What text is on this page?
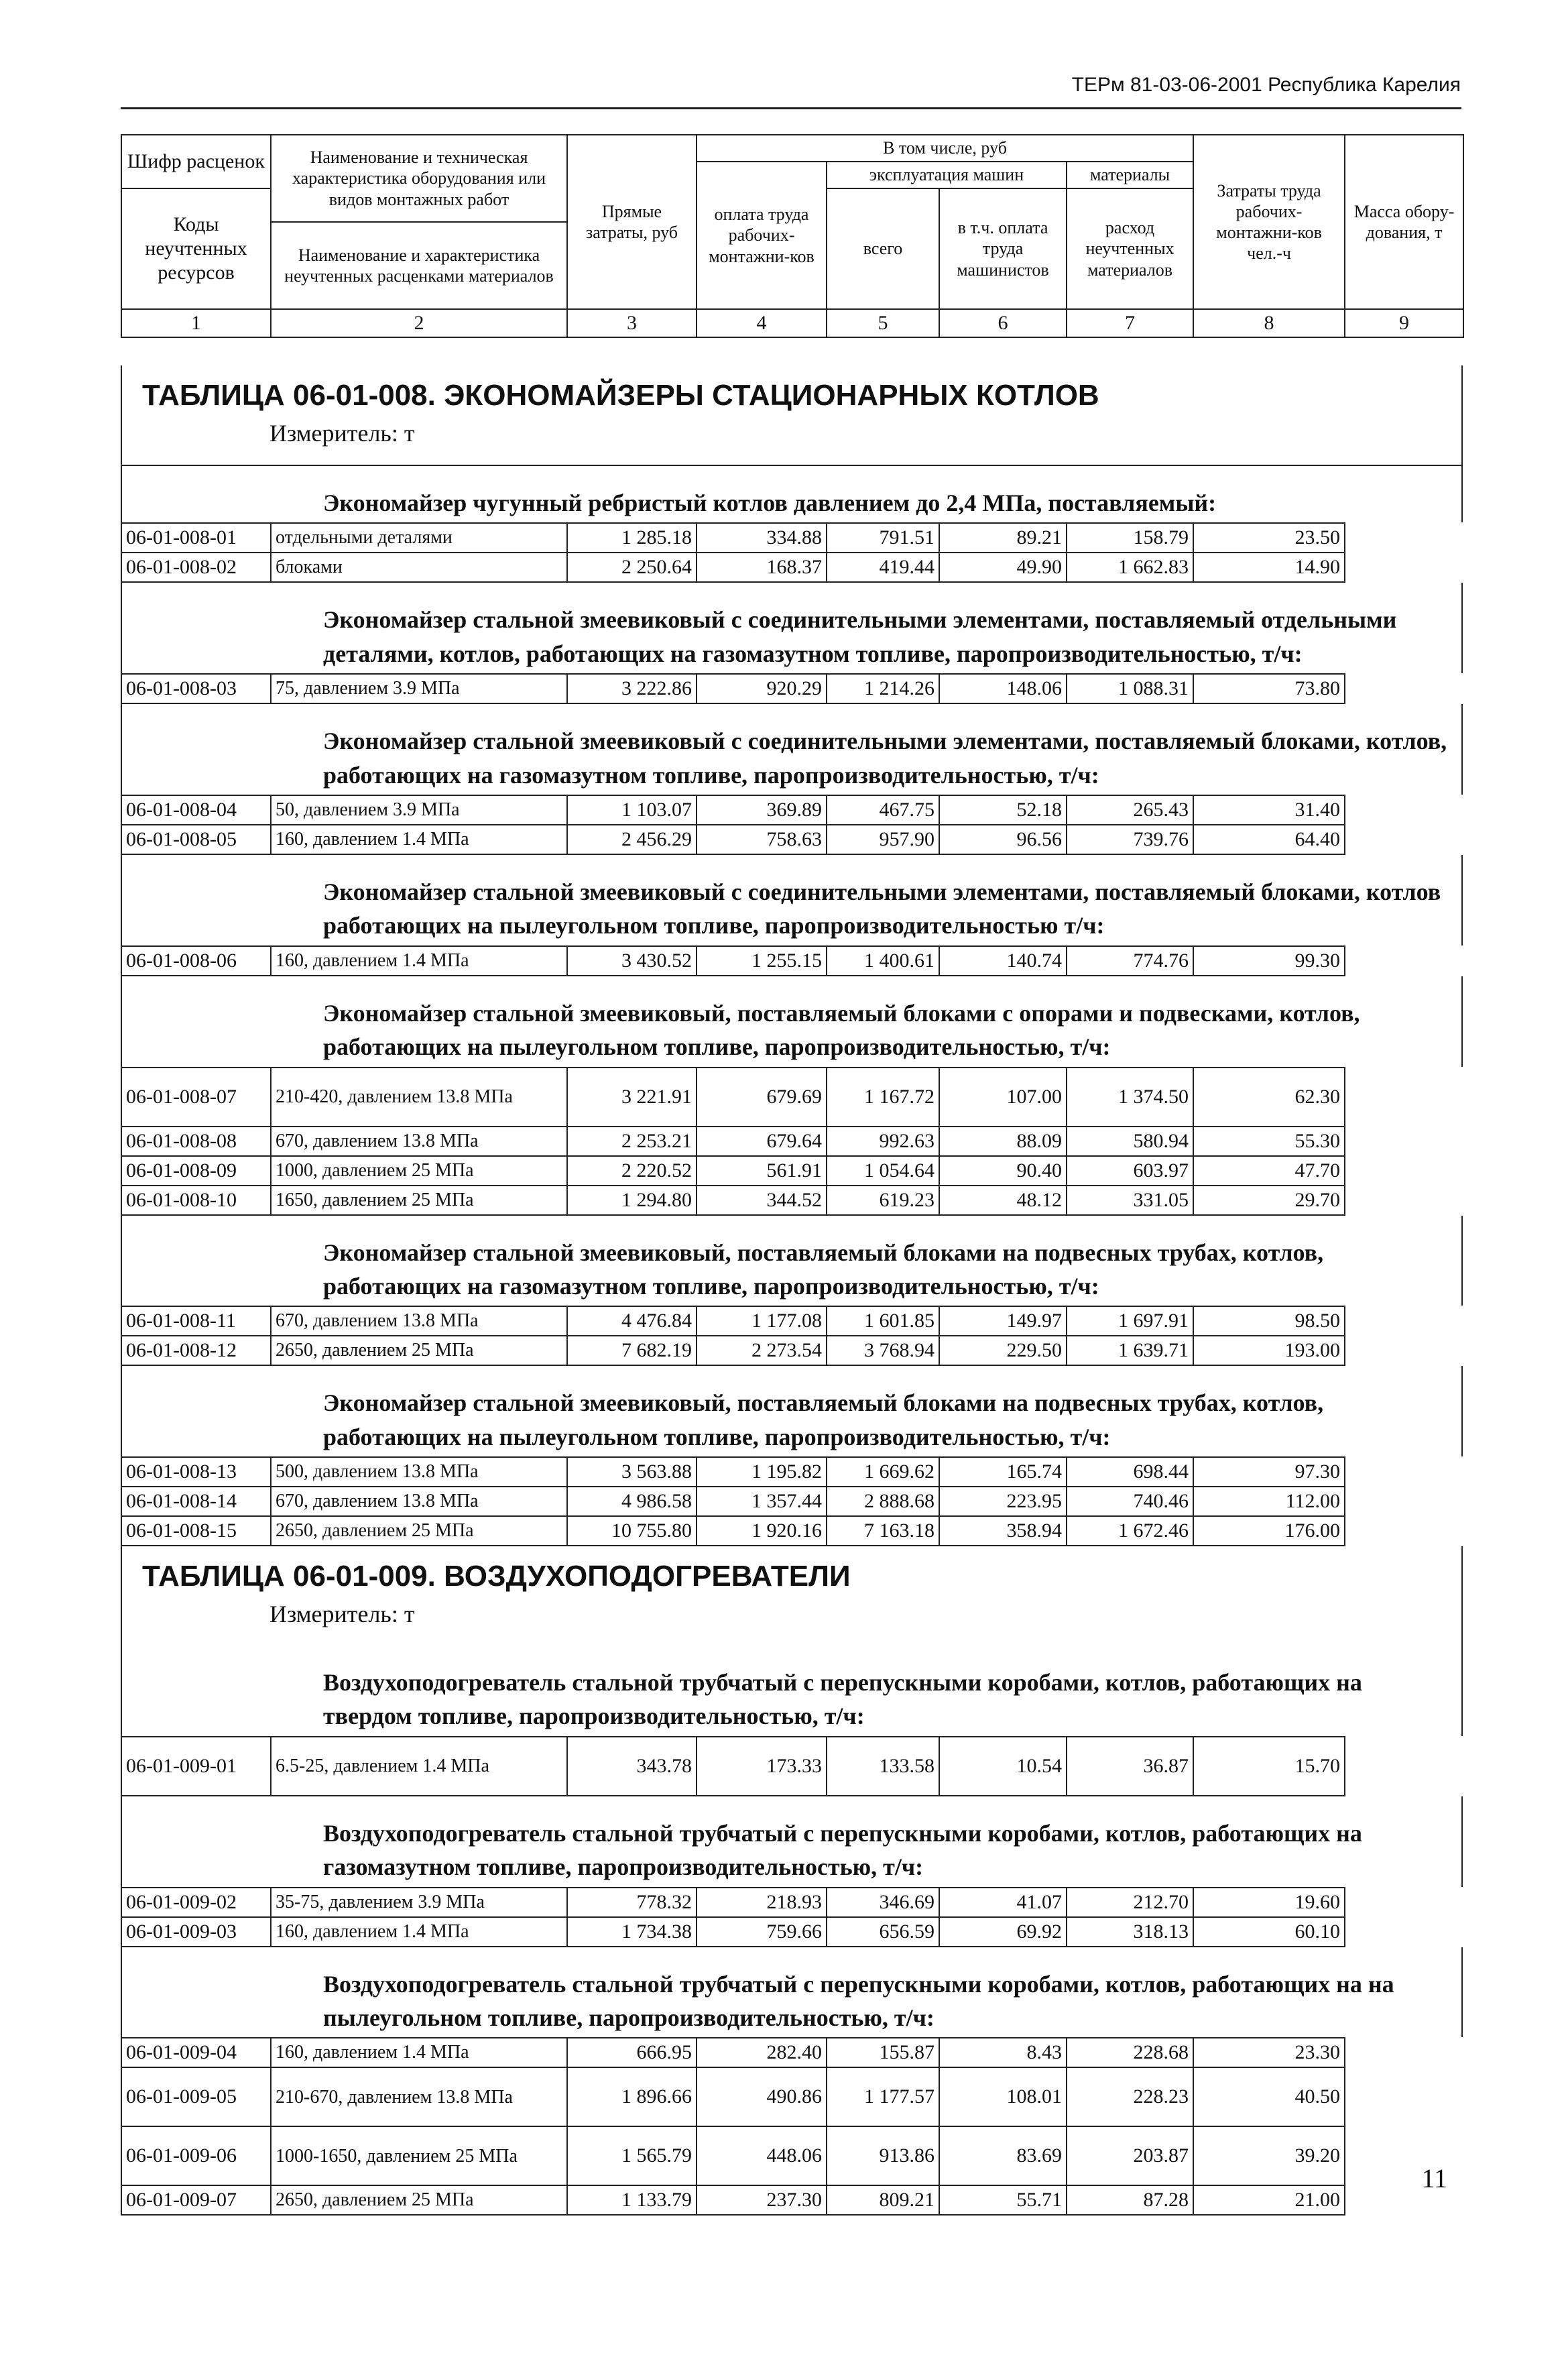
ТЕРм 81-03-06-2001 Республика Карелия
Шифр расценок	Наименование и техническая характеристика оборудования или видов монтажных работ	Прямые затраты, руб	В том числе, руб				Затраты труда рабочих-монтажни-ков чел.-ч	Масса обору-дования, т
			оплата труда рабочих-монтажни-ков	эксплуатация машин		материалы		
Коды неучтенных ресурсов				всего	в т.ч. оплата труда машинистов	расход неучтенных материалов		
	Наименование и характеристика неучтенных расценками материалов							

1	2	3	4	5	6	7	8	9
ТАБЛИЦА 06-01-008. ЭКОНОМАЙЗЕРЫ СТАЦИОНАРНЫХ КОТЛОВ
Измеритель: т
Экономайзер чугунный ребристый котлов давлением до 2,4 МПа, поставляемый:
06-01-008-01	отдельными деталями	1 285.18	334.88	791.51	89.21	158.79	23.50	
06-01-008-02	блоками	2 250.64	168.37	419.44	49.90	1 662.83	14.90	
Экономайзер стальной змеевиковый с соединительными элементами, поставляемый отдельными деталями, котлов, работающих на газомазутном топливе, паропроизводительностью, т/ч:
06-01-008-03	75, давлением 3.9 МПа	3 222.86	920.29	1 214.26	148.06	1 088.31	73.80	
Экономайзер стальной змеевиковый с соединительными элементами, поставляемый блоками, котлов, работающих на газомазутном топливе, паропроизводительностью, т/ч:
06-01-008-04	50, давлением 3.9 МПа	1 103.07	369.89	467.75	52.18	265.43	31.40	
06-01-008-05	160, давлением 1.4 МПа	2 456.29	758.63	957.90	96.56	739.76	64.40	
Экономайзер стальной змеевиковый с соединительными элементами, поставляемый блоками, котлов работающих на пылеугольном топливе, паропроизводительностью т/ч:
06-01-008-06	160, давлением 1.4 МПа	3 430.52	1 255.15	1 400.61	140.74	774.76	99.30	
Экономайзер стальной змеевиковый, поставляемый блоками с опорами и подвесками, котлов, работающих на пылеугольном топливе, паропроизводительностью, т/ч:
06-01-008-07	210-420, давлением 13.8 МПа	3 221.91	679.69	1 167.72	107.00	1 374.50	62.30	
06-01-008-08	670, давлением 13.8 МПа	2 253.21	679.64	992.63	88.09	580.94	55.30	
06-01-008-09	1000, давлением 25 МПа	2 220.52	561.91	1 054.64	90.40	603.97	47.70	
06-01-008-10	1650, давлением 25 МПа	1 294.80	344.52	619.23	48.12	331.05	29.70	
Экономайзер стальной змеевиковый, поставляемый блоками на подвесных трубах, котлов, работающих на газомазутном топливе, паропроизводительностью, т/ч:
06-01-008-11	670, давлением 13.8 МПа	4 476.84	1 177.08	1 601.85	149.97	1 697.91	98.50	
06-01-008-12	2650, давлением 25 МПа	7 682.19	2 273.54	3 768.94	229.50	1 639.71	193.00	
Экономайзер стальной змеевиковый, поставляемый блоками на подвесных трубах, котлов, работающих на пылеугольном топливе, паропроизводительностью, т/ч:
06-01-008-13	500, давлением 13.8 МПа	3 563.88	1 195.82	1 669.62	165.74	698.44	97.30	
06-01-008-14	670, давлением 13.8 МПа	4 986.58	1 357.44	2 888.68	223.95	740.46	112.00	
06-01-008-15	2650, давлением 25 МПа	10 755.80	1 920.16	7 163.18	358.94	1 672.46	176.00	
ТАБЛИЦА 06-01-009. ВОЗДУХОПОДОГРЕВАТЕЛИ
Измеритель: т
Воздухоподогреватель стальной трубчатый с перепускными коробами, котлов, работающих на твердом топливе, паропроизводительностью, т/ч:
06-01-009-01	6.5-25, давлением 1.4 МПа	343.78	173.33	133.58	10.54	36.87	15.70	
Воздухоподогреватель стальной трубчатый с перепускными коробами, котлов, работающих на газомазутном топливе, паропроизводительностью, т/ч:
06-01-009-02	35-75, давлением 3.9 МПа	778.32	218.93	346.69	41.07	212.70	19.60	
06-01-009-03	160, давлением 1.4 МПа	1 734.38	759.66	656.59	69.92	318.13	60.10	
Воздухоподогреватель стальной трубчатый с перепускными коробами, котлов, работающих на на пылеугольном топливе, паропроизводительностью, т/ч:
06-01-009-04	160, давлением 1.4 МПа	666.95	282.40	155.87	8.43	228.68	23.30	
06-01-009-05	210-670, давлением 13.8 МПа	1 896.66	490.86	1 177.57	108.01	228.23	40.50	
06-01-009-06	1000-1650, давлением 25 МПа	1 565.79	448.06	913.86	83.69	203.87	39.20	
06-01-009-07	2650, давлением 25 МПа	1 133.79	237.30	809.21	55.71	87.28	21.00	
11
